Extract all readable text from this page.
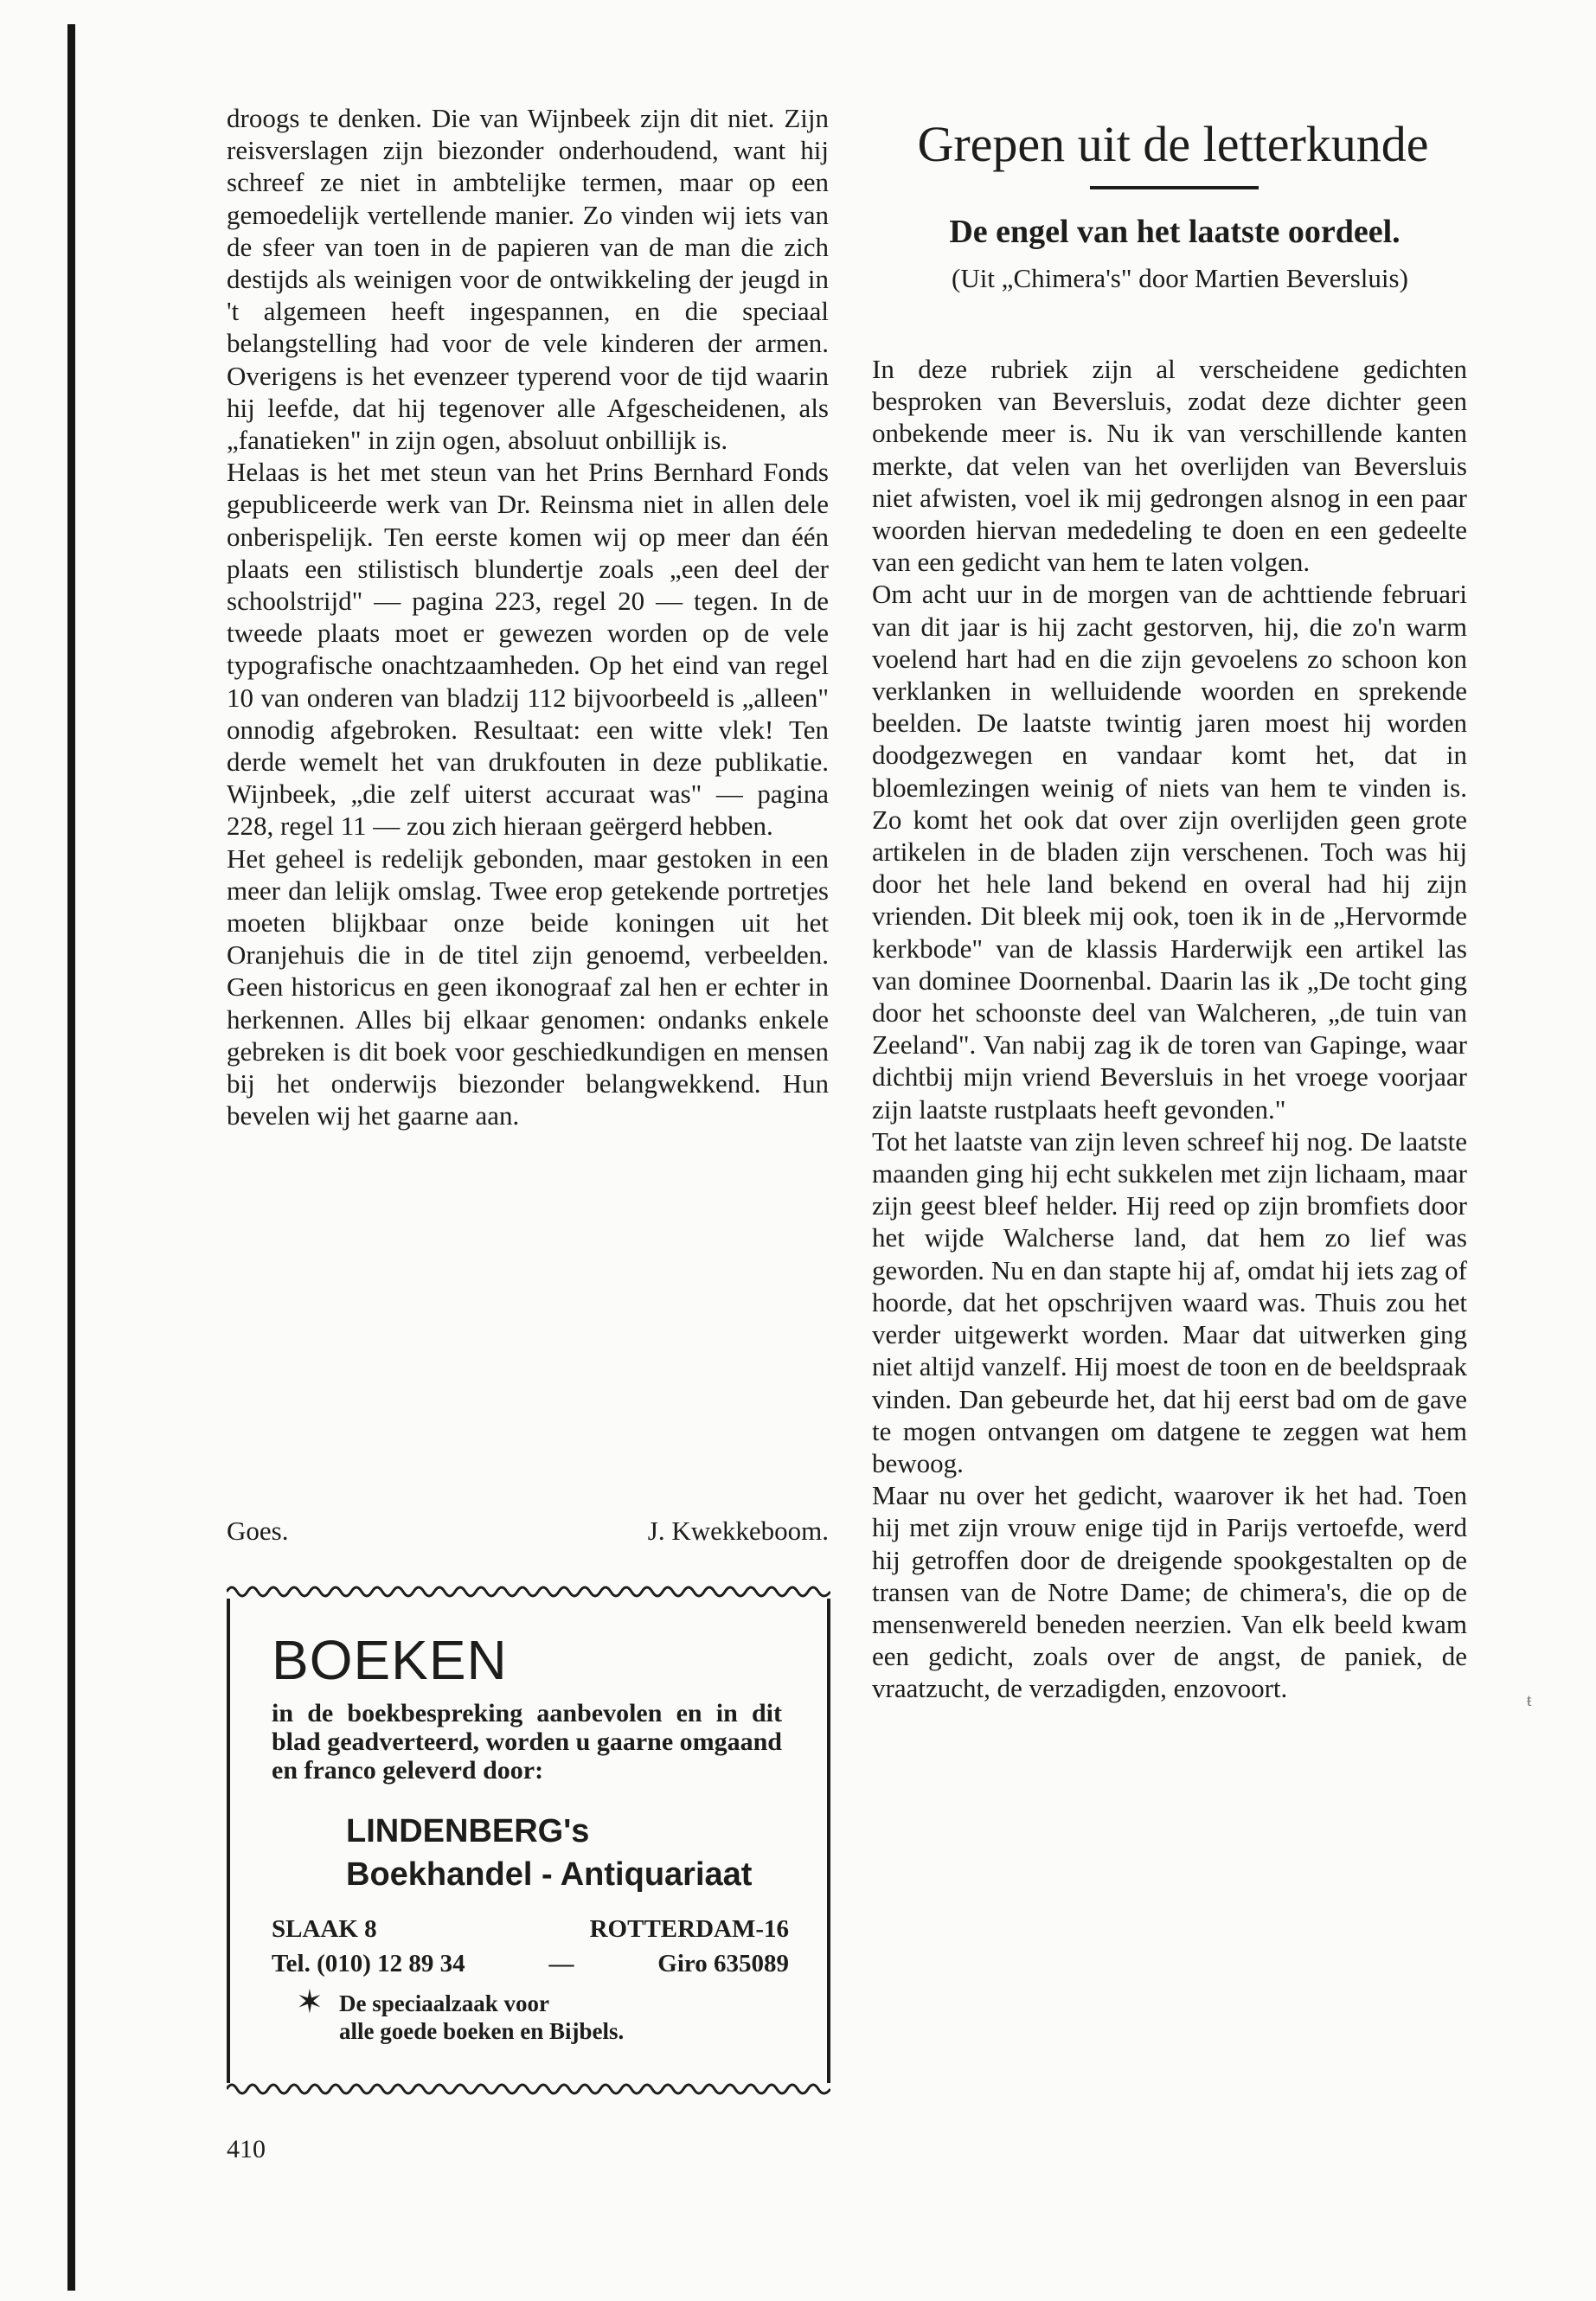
droogs te denken. Die van Wijnbeek zijn dit niet. Zijn reisverslagen zijn biezonder onderhoudend, want hij schreef ze niet in ambtelijke termen, maar op een gemoedelijk vertellende manier. Zo vinden wij iets van de sfeer van toen in de papieren van de man die zich destijds als weinigen voor de ontwikkeling der jeugd in 't algemeen heeft ingespannen, en die speciaal belangstelling had voor de vele kinderen der armen. Overigens is het evenzeer typerend voor de tijd waarin hij leefde, dat hij tegenover alle Afgescheidenen, als „fanatieken" in zijn ogen, absoluut onbillijk is.

Helaas is het met steun van het Prins Bernhard Fonds gepubliceerde werk van Dr. Reinsma niet in allen dele onberispelijk. Ten eerste komen wij op meer dan één plaats een stilistisch blundertje zoals „een deel der schoolstrijd" — pagina 223, regel 20 — tegen. In de tweede plaats moet er gewezen worden op de vele typografische onachtzaamheden. Op het eind van regel 10 van onderen van bladzij 112 bijvoorbeeld is „alleen" onnodig afgebroken. Resultaat: een witte vlek! Ten derde wemelt het van drukfouten in deze publikatie. Wijnbeek, „die zelf uiterst accuraat was" — pagina 228, regel 11 — zou zich hieraan geërgerd hebben.

Het geheel is redelijk gebonden, maar gestoken in een meer dan lelijk omslag. Twee erop getekende portretjes moeten blijkbaar onze beide koningen uit het Oranjehuis die in de titel zijn genoemd, verbeelden. Geen historicus en geen ikonograaf zal hen er echter in herkennen. Alles bij elkaar genomen: ondanks enkele gebreken is dit boek voor geschiedkundigen en mensen bij het onderwijs biezonder belangwekkend. Hun bevelen wij het gaarne aan.

Goes.	J. Kwekkeboom.
BOEKEN
in de boekbespreking aanbevolen en in dit blad geadverteerd, worden u gaarne omgaand en franco geleverd door:
LINDENBERG's
Boekhandel - Antiquariaat
SLAAK 8	ROTTERDAM-16
Tel. (010) 12 89 34	—	Giro 635089
✶ De speciaalzaak voor
alle goede boeken en Bijbels.
Grepen uit de letterkunde
De engel van het laatste oordeel.
(Uit „Chimera's" door Martien Beversluis)

In deze rubriek zijn al verscheidene gedichten besproken van Beversluis, zodat deze dichter geen onbekende meer is. Nu ik van verschillende kanten merkte, dat velen van het overlijden van Beversluis niet afwisten, voel ik mij gedrongen alsnog in een paar woorden hiervan mededeling te doen en een gedeelte van een gedicht van hem te laten volgen.

Om acht uur in de morgen van de achttiende februari van dit jaar is hij zacht gestorven, hij, die zo'n warm voelend hart had en die zijn gevoelens zo schoon kon verklanken in welluidende woorden en sprekende beelden. De laatste twintig jaren moest hij worden doodgezwegen en vandaar komt het, dat in bloemlezingen weinig of niets van hem te vinden is. Zo komt het ook dat over zijn overlijden geen grote artikelen in de bladen zijn verschenen. Toch was hij door het hele land bekend en overal had hij zijn vrienden. Dit bleek mij ook, toen ik in de „Hervormde kerkbode" van de klassis Harderwijk een artikel las van dominee Doornenbal. Daarin las ik „De tocht ging door het schoonste deel van Walcheren, „de tuin van Zeeland". Van nabij zag ik de toren van Gapinge, waar dichtbij mijn vriend Beversluis in het vroege voorjaar zijn laatste rustplaats heeft gevonden."

Tot het laatste van zijn leven schreef hij nog. De laatste maanden ging hij echt sukkelen met zijn lichaam, maar zijn geest bleef helder. Hij reed op zijn bromfiets door het wijde Walcherse land, dat hem zo lief was geworden. Nu en dan stapte hij af, omdat hij iets zag of hoorde, dat het opschrijven waard was. Thuis zou het verder uitgewerkt worden. Maar dat uitwerken ging niet altijd vanzelf. Hij moest de toon en de beeldspraak vinden. Dan gebeurde het, dat hij eerst bad om de gave te mogen ontvangen om datgene te zeggen wat hem bewoog.

Maar nu over het gedicht, waarover ik het had. Toen hij met zijn vrouw enige tijd in Parijs vertoefde, werd hij getroffen door de dreigende spookgestalten op de transen van de Notre Dame; de chimera's, die op de mensenwereld beneden neerzien. Van elk beeld kwam een gedicht, zoals over de angst, de paniek, de vraatzucht, de verzadigden, enzovoort.	ŧ
410
